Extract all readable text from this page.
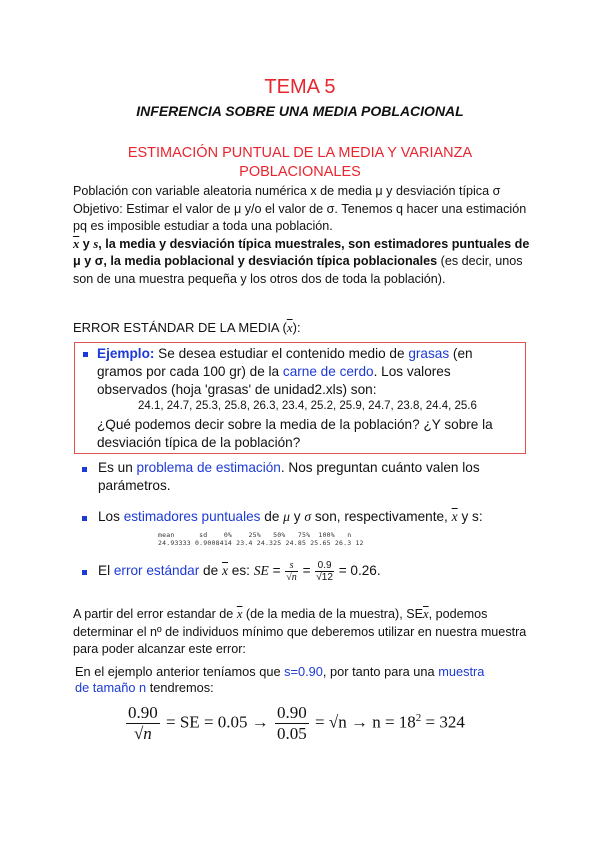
TEMA 5
INFERENCIA SOBRE UNA MEDIA POBLACIONAL
ESTIMACIÓN PUNTUAL DE LA MEDIA Y VARIANZA POBLACIONALES
Población con variable aleatoria numérica x de media μ y desviación típica σ
Objetivo: Estimar el valor de μ y/o el valor de σ. Tenemos q hacer una estimación pq es imposible estudiar a toda una población.
$\overline{x}$ y s, la media y desviación típica muestrales, son estimadores puntuales de μ y σ, la media poblacional y desviación típica poblacionales (es decir, unos son de una muestra pequeña y los otros dos de toda la población).
ERROR ESTÁNDAR DE LA MEDIA $(\overline{x})$:
Ejemplo: Se desea estudiar el contenido medio de grasas (en gramos por cada 100 gr) de la carne de cerdo. Los valores observados (hoja 'grasas' de unidad2.xls) son:
24.1, 24.7, 25.3, 25.8, 26.3, 23.4, 25.2, 25.9, 24.7, 23.8, 24.4, 25.6
¿Qué podemos decir sobre la media de la población? ¿Y sobre la desviación típica de la población?
Es un problema de estimación. Nos preguntan cuánto valen los parámetros.
Los estimadores puntuales de μ y σ son, respectivamente, $\overline{x}$ y s:
mean      sd    0%    25%   50%   75%  100%   n
24.93333 0.9008414 23.4 24.325 24.85 25.65 26.3 12
El error estándar de $\overline{x}$ es: SE = $\frac{s}{√n} = \frac{0.9}{√12} = 0.26$.
A partir del error estandar de $\overline{x}$ (de la media de la muestra), $SE\overline{x}$, podemos determinar el nº de individuos mínimo que deberemos utilizar en nuestra muestra para poder alcanzar este error:
En el ejemplo anterior teníamos que s=0.90, por tanto para una muestra de tamaño n tendremos:
$\frac{0.90}{√n}$ = SE = $0.05 \to \frac{0.90}{0.05} = √n \to n = 18^2 = 324$
